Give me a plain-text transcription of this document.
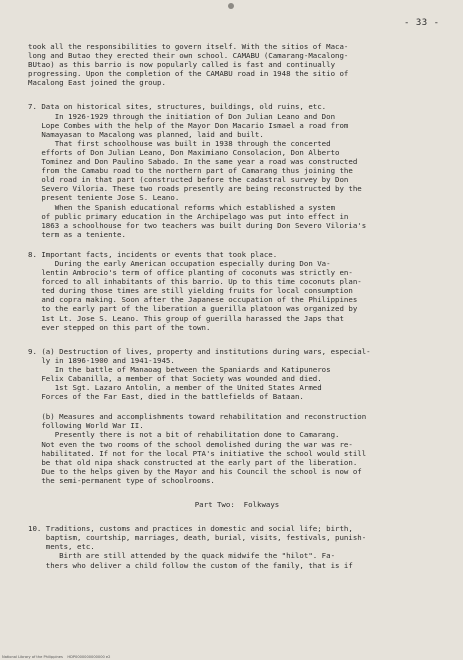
- 33 -
took all the responsibilities to govern itself. With the sitios of Maca-
long and Butao they erected their own school. CAMABU (Camarang-Macalong-
BUtao) as this barrio is now popularly called is fast and continually
progressing. Upon the completion of the CAMABU road in 1948 the sitio of
Macalong East joined the group.
7. Data on historical sites, structures, buildings, old ruins, etc.
In 1926-1929 through the initiation of Don Julian Leano and Don
Lope Combes with the help of the Mayor Don Macario Ismael a road from
Namayasan to Macalong was planned, laid and built.
That first schoolhouse was built in 1938 through the concerted
efforts of Don Julian Leano, Don Maximiano Consolacion, Don Alberto
Tominez and Don Paulino Sabado. In the same year a road was constructed
from the Camabu road to the northern part of Camarang thus joining the
old road in that part (constructed before the cadastral survey by Don
Severo Viloria. These two roads presently are being reconstructed by the
present teniente Jose S. Leano.
When the Spanish educational reforms which established a system
of public primary education in the Archipelago was put into effect in
1863 a schoolhouse for two teachers was built during Don Severo Viloria's
term as a teniente.
8. Important facts, incidents or events that took place.
During the early American occupation especially during Don Va-
lentin Ambrocio's term of office planting of coconuts was strictly en-
forced to all inhabitants of this barrio. Up to this time coconuts plan-
ted during those times are still yielding fruits for local consumption
and copra making. Soon after the Japanese occupation of the Philippines
to the early part of the liberation a guerilla platoon was organized by
1st Lt. Jose S. Leano. This group of guerilla harassed the Japs that
ever stepped on this part of the town.
9. (a) Destruction of lives, property and institutions during wars, especial-
ly in 1896-1900 and 1941-1945.
In the battle of Manaoag between the Spaniards and Katipuneros
Felix Cabanilla, a member of that Society was wounded and died.
1st Sgt. Lazaro Antolin, a member of the United States Armed
Forces of the Far East, died in the battlefields of Bataan.
(b) Measures and accomplishments toward rehabilitation and reconstruction
following World War II.
Presently there is not a bit of rehabilitation done to Camarang.
Not even the two rooms of the school demolished during the war was re-
habilitated. If not for the local PTA's initiative the school would still
be that old nipa shack constructed at the early part of the liberation.
Due to the helps given by the Mayor and his Council the school is now of
the semi-permanent type of schoolrooms.
Part Two:  Folkways
10. Traditions, customs and practices in domestic and social life; birth,
baptism, courtship, marriages, death, burial, visits, festivals, punish-
ments, etc.
Birth are still attended by the quack midwife the "hilot". Fa-
thers who deliver a child follow the custom of the family, that is if
National Library of the Philippines    HDP0000000000000 e2
